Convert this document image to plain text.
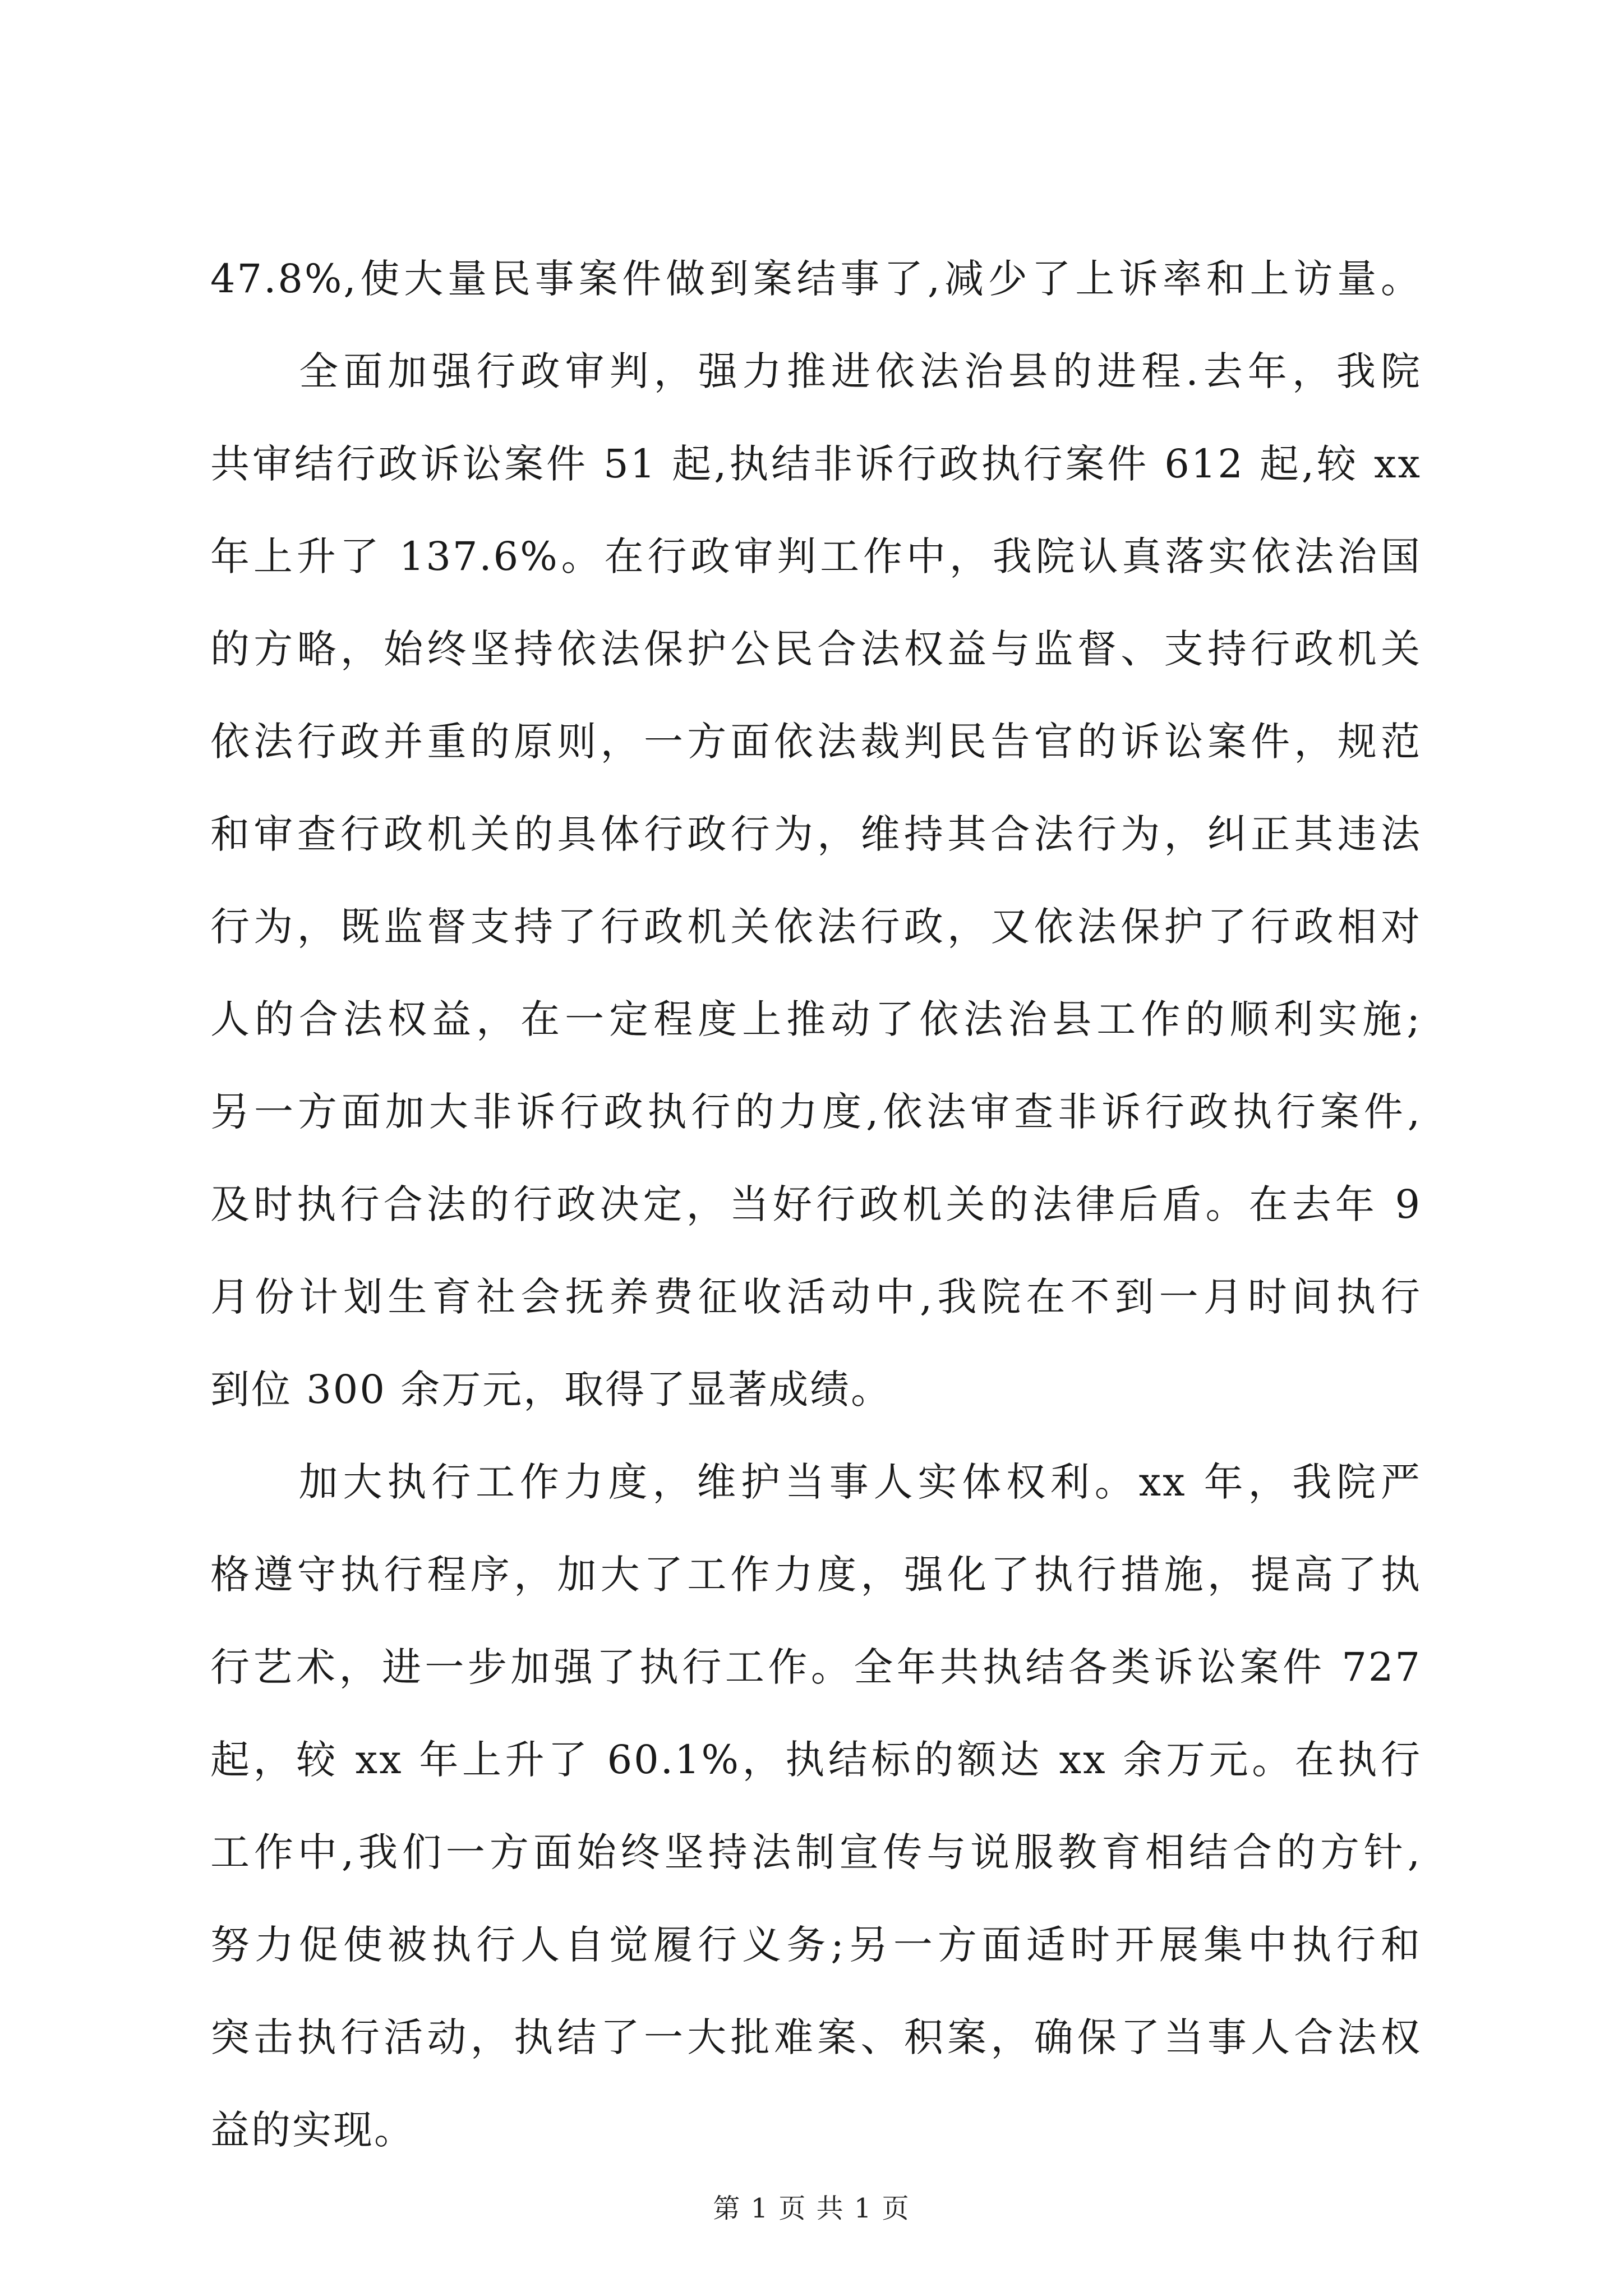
47.8%,使大量民事案件做到案结事了,减少了上诉率和上访量。
　　全面加强行政审判，强力推进依法治县的进程.去年，我院
共审结行政诉讼案件 51 起,执结非诉行政执行案件 612 起,较 xx
年上升了 137.6%。在行政审判工作中，我院认真落实依法治国
的方略，始终坚持依法保护公民合法权益与监督、支持行政机关
依法行政并重的原则，一方面依法裁判民告官的诉讼案件，规范
和审查行政机关的具体行政行为，维持其合法行为，纠正其违法
行为，既监督支持了行政机关依法行政，又依法保护了行政相对
人的合法权益，在一定程度上推动了依法治县工作的顺利实施;
另一方面加大非诉行政执行的力度,依法审查非诉行政执行案件,
及时执行合法的行政决定，当好行政机关的法律后盾。在去年 9
月份计划生育社会抚养费征收活动中,我院在不到一月时间执行
到位 300 余万元，取得了显著成绩。
　　加大执行工作力度，维护当事人实体权利。xx 年，我院严
格遵守执行程序，加大了工作力度，强化了执行措施，提高了执
行艺术，进一步加强了执行工作。全年共执结各类诉讼案件 727
起，较 xx 年上升了 60.1%，执结标的额达 xx 余万元。在执行
工作中,我们一方面始终坚持法制宣传与说服教育相结合的方针,
努力促使被执行人自觉履行义务;另一方面适时开展集中执行和
突击执行活动，执结了一大批难案、积案，确保了当事人合法权
益的实现。
第 1 页 共 1 页
